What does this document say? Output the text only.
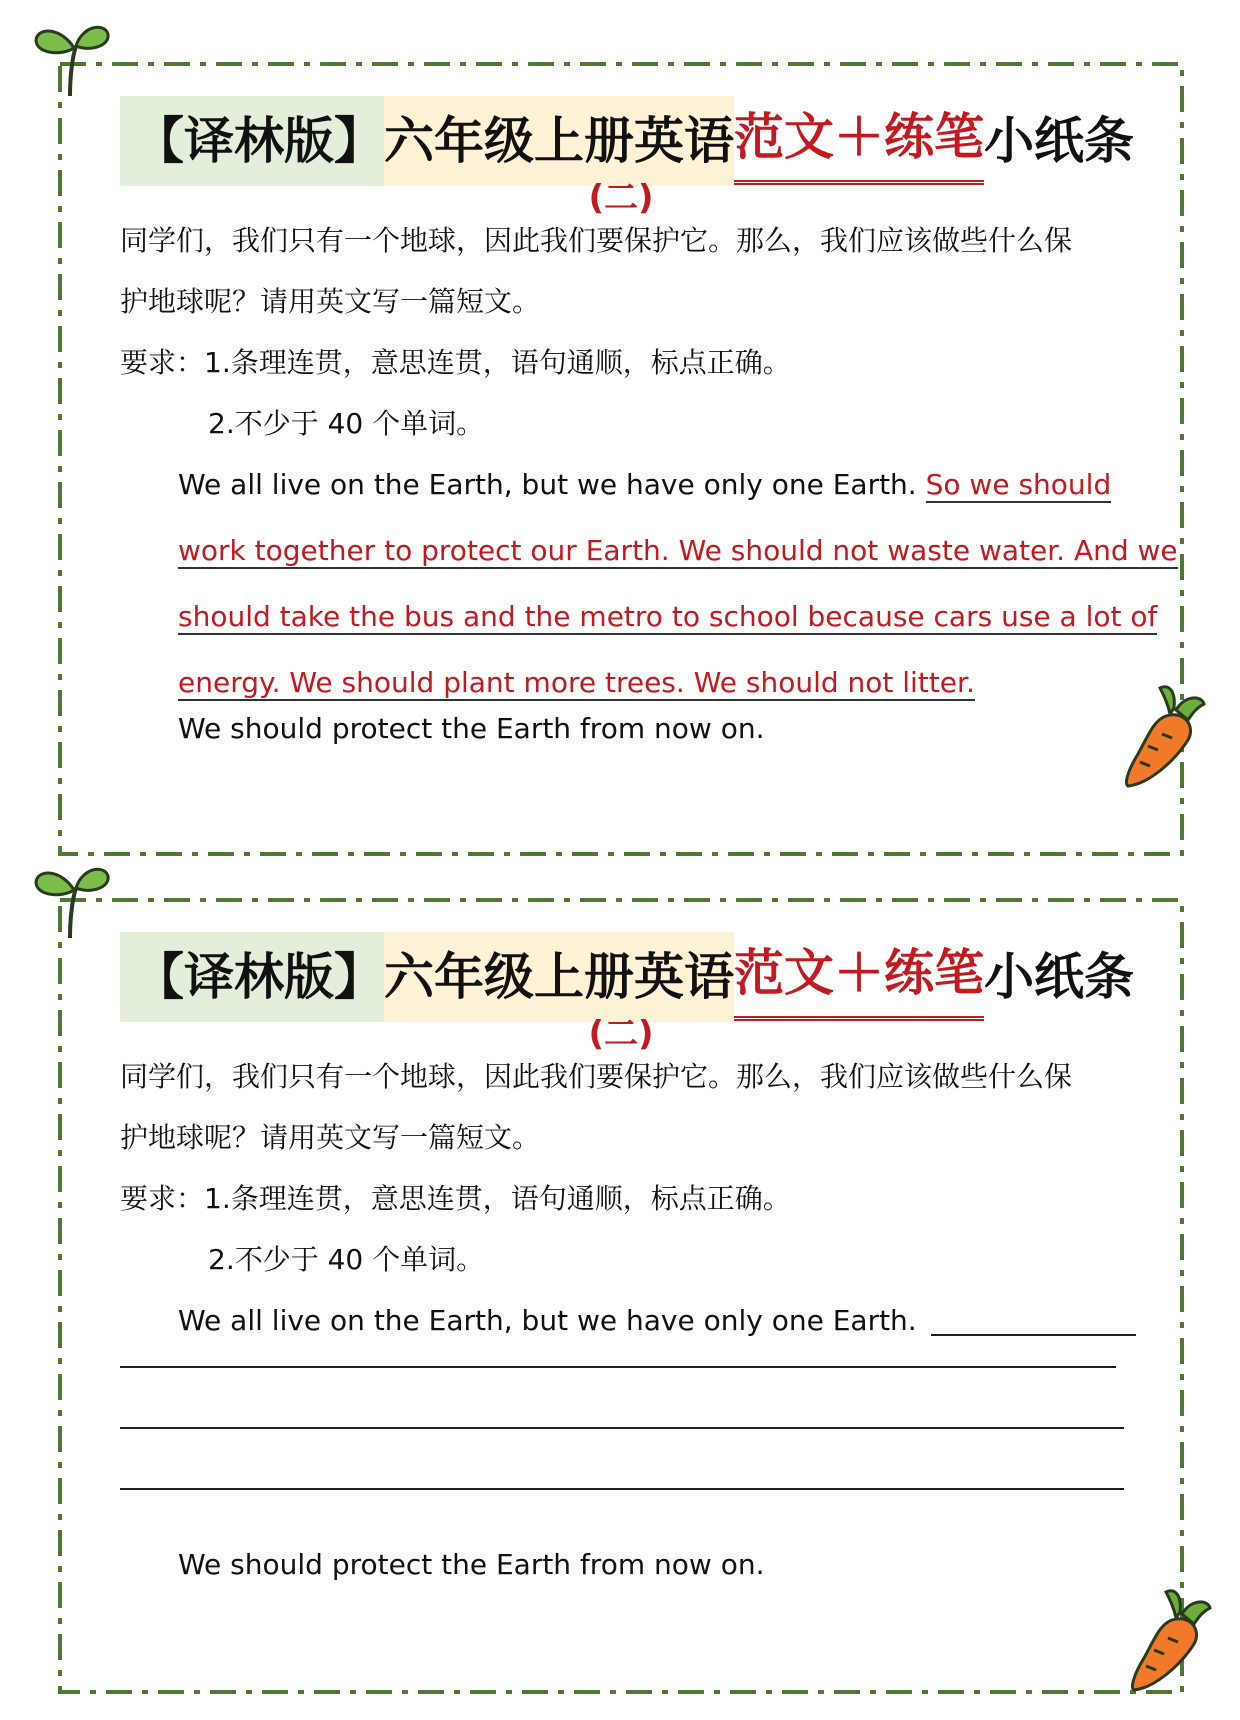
【译林版】 六年级上册英语 范文＋练笔 小纸条
(二)
同学们，我们只有一个地球，因此我们要保护它。那么，我们应该做些什么保
护地球呢？请用英文写一篇短文。
要求：1.条理连贯，意思连贯，语句通顺，标点正确。
2.不少于 40 个单词。
We all live on the Earth, but we have only one Earth. So we should work together to protect our Earth. We should not waste water. And we should take the bus and the metro to school because cars use a lot of energy. We should plant more trees. We should not litter.
We should protect the Earth from now on.
【译林版】 六年级上册英语 范文＋练笔 小纸条
(二)
同学们，我们只有一个地球，因此我们要保护它。那么，我们应该做些什么保
护地球呢？请用英文写一篇短文。
要求：1.条理连贯，意思连贯，语句通顺，标点正确。
2.不少于 40 个单词。
We all live on the Earth, but we have only one Earth.
We should protect the Earth from now on.
